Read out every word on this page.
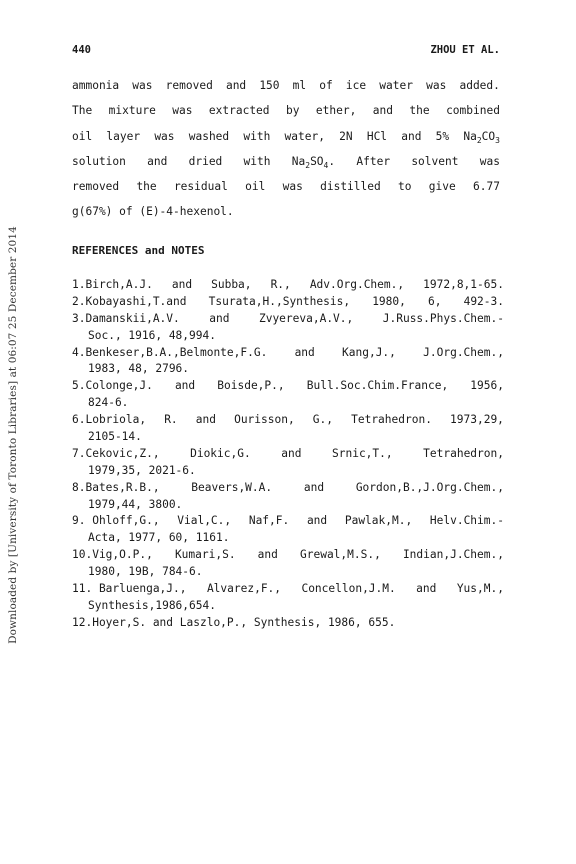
Downloaded by [University of Toronto Libraries] at 06:07 25 December 2014
440	ZHOU ET AL.
ammonia was removed and 150 ml of ice water was added.
The mixture was extracted by ether, and the combined
oil layer was washed with water, 2N HCl and 5% $Na_2CO_3$
solution and dried with $Na_2SO_4$. After solvent was
removed the residual oil was distilled to give 6.77
g(67%) of (E)-4-hexenol.
REFERENCES and NOTES
1.Birch,A.J. and Subba, R., Adv.Org.Chem., 1972,8,1-65.
2.Kobayashi,T.and Tsurata,H.,Synthesis, 1980, 6, 492-3.
3.Damanskii,A.V.	and	Zvyereva,A.V.,	J.Russ.Phys.Chem.-
Soc., 1916, 48,994.
4.Benkeser,B.A.,Belmonte,F.G. and Kang,J., J.Org.Chem.,
1983, 48, 2796.
5.Colonge,J. and Boisde,P., Bull.Soc.Chim.France, 1956,
824-6.
6.Lobriola, R. and Ourisson, G., Tetrahedron. 1973,29,
2105-14.
7.Cekovic,Z.,	Diokic,G.	and	Srnic,T.,	Tetrahedron,
1979,35, 2021-6.
8.Bates,R.B.,	Beavers,W.A.	and	Gordon,B.,J.Org.Chem.,
1979,44, 3800.
9. Ohloff,G., Vial,C., Naf,F. and Pawlak,M., Helv.Chim.-
Acta, 1977, 60, 1161.
10.Vig,O.P., Kumari,S. and Grewal,M.S., Indian,J.Chem.,
1980, 19B, 784-6.
11. Barluenga,J., Alvarez,F., Concellon,J.M. and Yus,M.,
Synthesis,1986,654.
12.Hoyer,S. and Laszlo,P., Synthesis, 1986, 655.
